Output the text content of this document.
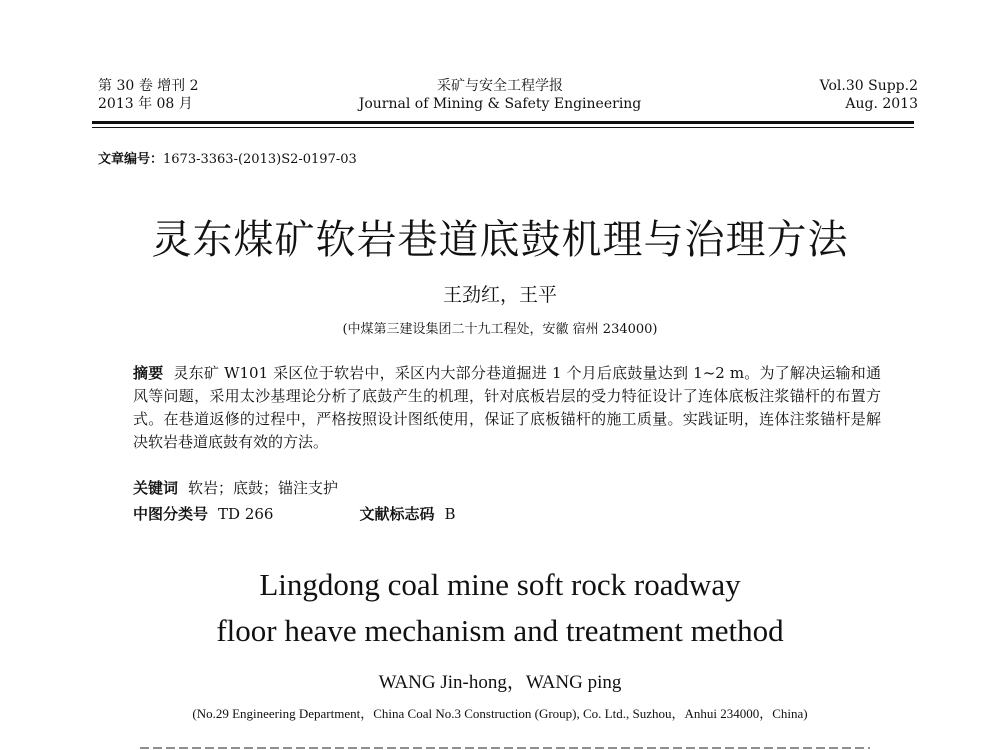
第 30 卷 增刊 2
2013 年 08 月
采矿与安全工程学报
Journal of Mining & Safety Engineering
Vol.30 Supp.2
Aug. 2013
文章编号：1673-3363-(2013)S2-0197-03
灵东煤矿软岩巷道底鼓机理与治理方法
王劲红，王平
(中煤第三建设集团二十九工程处，安徽 宿州 234000)
摘要 灵东矿 W101 采区位于软岩中，采区内大部分巷道掘进 1 个月后底鼓量达到 1~2 m。为了解决运输和通风等问题，采用太沙基理论分析了底鼓产生的机理，针对底板岩层的受力特征设计了连体底板注浆锚杆的布置方式。在巷道返修的过程中，严格按照设计图纸使用，保证了底板锚杆的施工质量。实践证明，连体注浆锚杆是解决软岩巷道底鼓有效的方法。
关键词 软岩；底鼓；锚注支护
中图分类号 TD 266	文献标志码 B
Lingdong coal mine soft rock roadway
floor heave mechanism and treatment method
WANG Jin-hong，WANG ping
(No.29 Engineering Department，China Coal No.3 Construction (Group), Co. Ltd., Suzhou，Anhui 234000，China)
